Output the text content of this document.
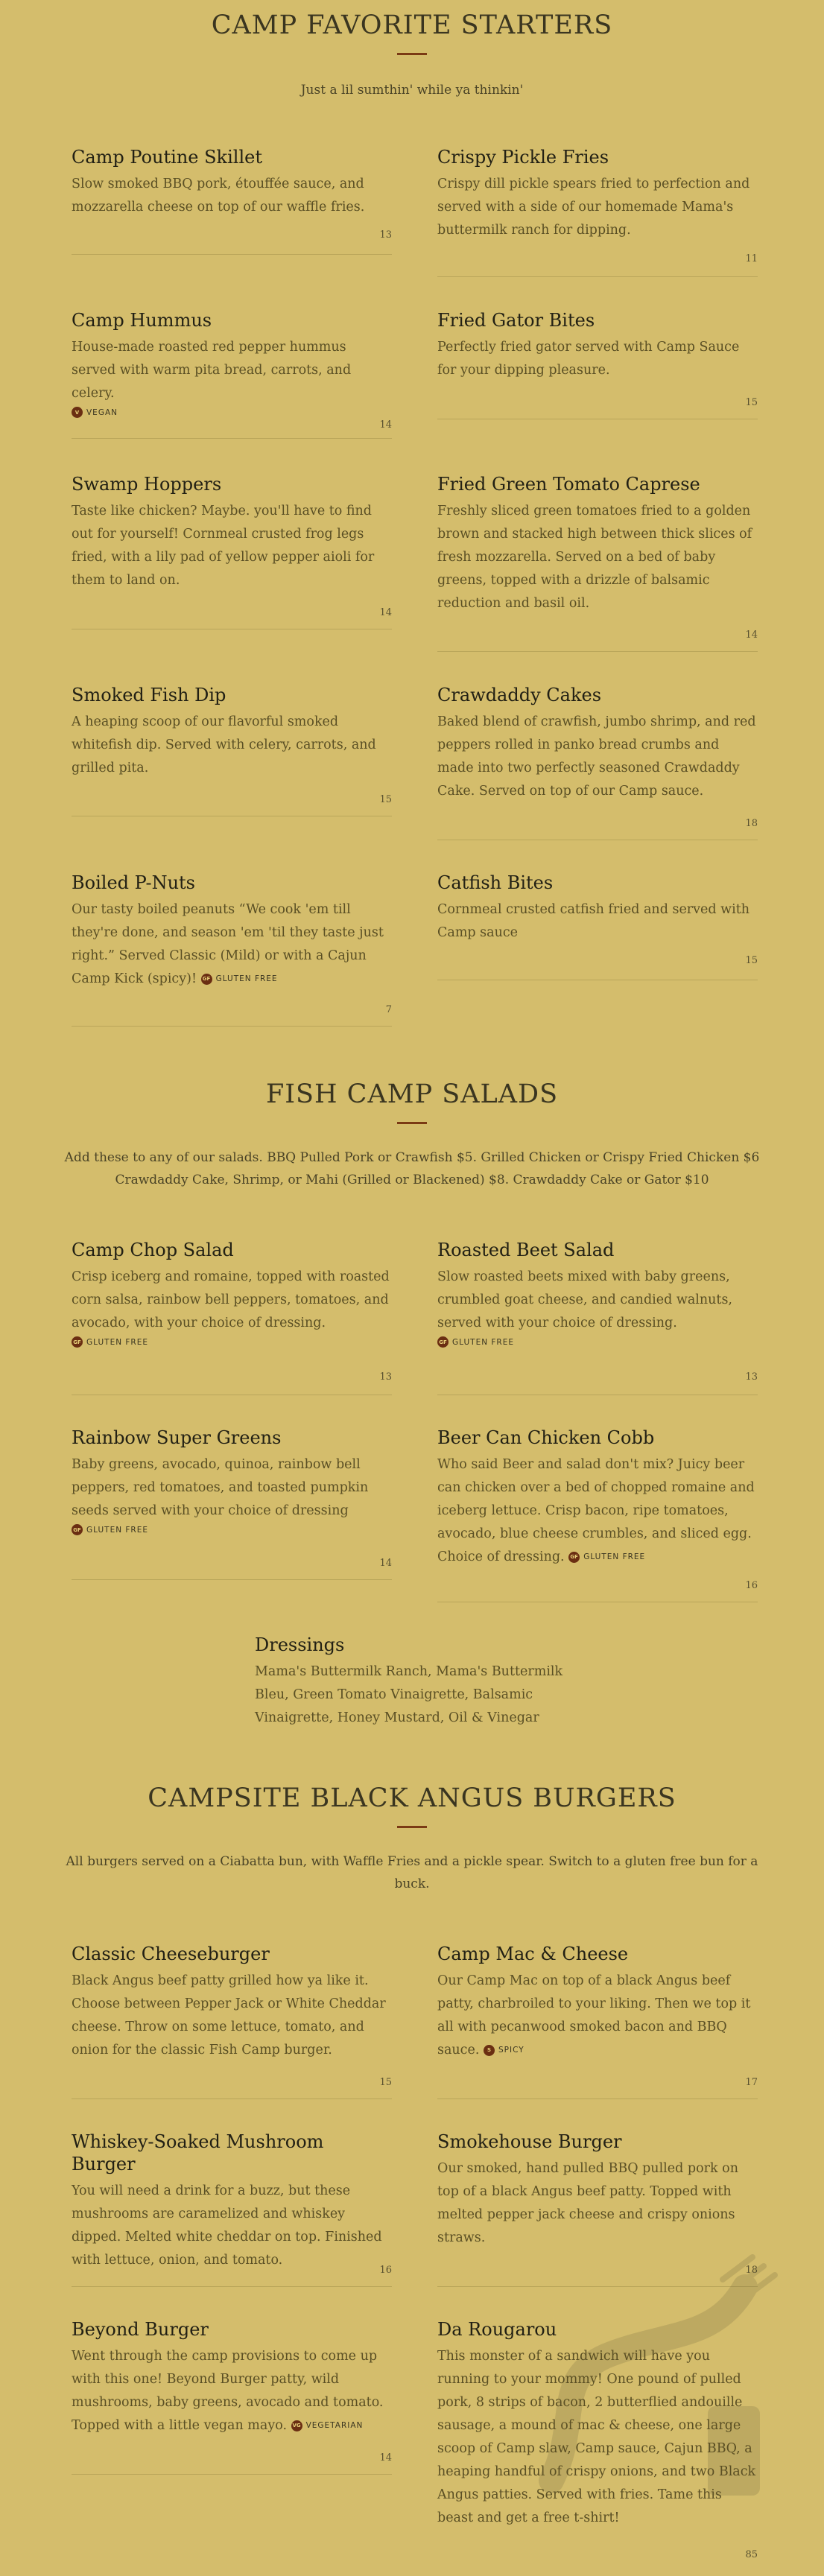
CAMP FAVORITE STARTERS
Just a lil sumthin' while ya thinkin'
Camp Poutine Skillet

Slow smoked BBQ pork, étouffée sauce, and mozzarella cheese on top of our waffle fries.

13
Crispy Pickle Fries

Crispy dill pickle spears fried to perfection and served with a side of our homemade Mama's buttermilk ranch for dipping.

11
Camp Hummus

House-made roasted red pepper hummus served with warm pita bread, carrots, and celery.

V VEGAN
14
Fried Gator Bites

Perfectly fried gator served with Camp Sauce for your dipping pleasure.

15
Swamp Hoppers

Taste like chicken? Maybe. you'll have to find out for yourself! Cornmeal crusted frog legs fried, with a lily pad of yellow pepper aioli for them to land on.

14
Fried Green Tomato Caprese

Freshly sliced green tomatoes fried to a golden brown and stacked high between thick slices of fresh mozzarella. Served on a bed of baby greens, topped with a drizzle of balsamic reduction and basil oil.

14
Smoked Fish Dip

A heaping scoop of our flavorful smoked whitefish dip. Served with celery, carrots, and grilled pita.

15
Crawdaddy Cakes

Baked blend of crawfish, jumbo shrimp, and red peppers rolled in panko bread crumbs and made into two perfectly seasoned Crawdaddy Cake. Served on top of our Camp sauce.

18
Boiled P-Nuts

Our tasty boiled peanuts “We cook 'em till they're done, and season 'em 'til they taste just right.” Served Classic (Mild) or with a Cajun Camp Kick (spicy)!	GF GLUTEN FREE

7
Catfish Bites

Cornmeal crusted catfish fried and served with Camp sauce

15
FISH CAMP SALADS
Add these to any of our salads. BBQ Pulled Pork or Crawfish $5. Grilled Chicken or Crispy Fried Chicken $6 Crawdaddy Cake, Shrimp, or Mahi (Grilled or Blackened) $8. Crawdaddy Cake or Gator $10
Camp Chop Salad

Crisp iceberg and romaine, topped with roasted corn salsa, rainbow bell peppers, tomatoes, and avocado, with your choice of dressing.

GF GLUTEN FREE
13
Roasted Beet Salad

Slow roasted beets mixed with baby greens, crumbled goat cheese, and candied walnuts, served with your choice of dressing.

GF GLUTEN FREE
13
Rainbow Super Greens

Baby greens, avocado, quinoa, rainbow bell peppers, red tomatoes, and toasted pumpkin seeds served with your choice of dressing

GF GLUTEN FREE
14
Beer Can Chicken Cobb

Who said Beer and salad don't mix? Juicy beer can chicken over a bed of chopped romaine and iceberg lettuce. Crisp bacon, ripe tomatoes, avocado, blue cheese crumbles, and sliced egg. Choice of dressing.	GF GLUTEN FREE

16
Dressings

Mama's Buttermilk Ranch, Mama's Buttermilk Bleu, Green Tomato Vinaigrette, Balsamic Vinaigrette, Honey Mustard, Oil & Vinegar

CAMPSITE BLACK ANGUS BURGERS
All burgers served on a Ciabatta bun, with Waffle Fries and a pickle spear. Switch to a gluten free bun for a buck.
Classic Cheeseburger

Black Angus beef patty grilled how ya like it. Choose between Pepper Jack or White Cheddar cheese. Throw on some lettuce, tomato, and onion for the classic Fish Camp burger.

15
Camp Mac & Cheese

Our Camp Mac on top of a black Angus beef patty, charbroiled to your liking. Then we top it all with pecanwood smoked bacon and BBQ sauce.	S SPICY

17
Whiskey-Soaked Mushroom Burger

You will need a drink for a buzz, but these mushrooms are caramelized and whiskey dipped. Melted white cheddar on top. Finished with lettuce, onion, and tomato.

16
Smokehouse Burger

Our smoked, hand pulled BBQ pulled pork on top of a black Angus beef patty. Topped with melted pepper jack cheese and crispy onions straws.

18
Beyond Burger

Went through the camp provisions to come up with this one! Beyond Burger patty, wild mushrooms, baby greens, avocado and tomato. Topped with a little vegan mayo. VG VEGETARIAN

14
Da Rougarou

This monster of a sandwich will have you running to your mommy! One pound of pulled pork, 8 strips of bacon, 2 butterflied andouille sausage, a mound of mac & cheese, one large scoop of Camp slaw, Camp sauce, Cajun BBQ, a heaping handful of crispy onions, and two Black Angus patties. Served with fries. Tame this beast and get a free t-shirt!

85
